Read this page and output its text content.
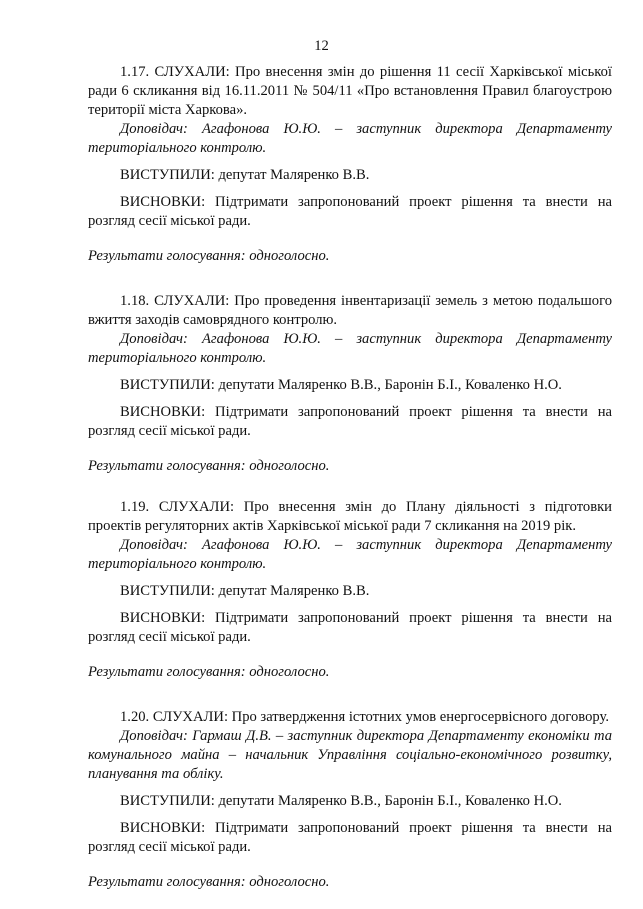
12

1.17. СЛУХАЛИ: Про внесення змін до рішення 11 сесії Харківської міської ради 6 скликання від 16.11.2011 № 504/11 «Про встановлення Правил благоустрою території міста Харкова».

Доповідач: Агафонова Ю.Ю. – заступник директора Департаменту територіального контролю.

ВИСТУПИЛИ: депутат Маляренко В.В.

ВИСНОВКИ: Підтримати запропонований проект рішення та внести на розгляд сесії міської ради.

Результати голосування: одноголосно.

1.18. СЛУХАЛИ: Про проведення інвентаризації земель з метою подальшого вжиття заходів самоврядного контролю.

Доповідач: Агафонова Ю.Ю. – заступник директора Департаменту територіального контролю.

ВИСТУПИЛИ: депутати Маляренко В.В., Баронін Б.І., Коваленко Н.О.

ВИСНОВКИ: Підтримати запропонований проект рішення та внести на розгляд сесії міської ради.

Результати голосування: одноголосно.

1.19. СЛУХАЛИ: Про внесення змін до Плану діяльності з підготовки проектів регуляторних актів Харківської міської ради 7 скликання на 2019 рік.

Доповідач: Агафонова Ю.Ю. – заступник директора Департаменту територіального контролю.

ВИСТУПИЛИ: депутат Маляренко В.В.

ВИСНОВКИ: Підтримати запропонований проект рішення та внести на розгляд сесії міської ради.

Результати голосування: одноголосно.

1.20. СЛУХАЛИ: Про затвердження істотних умов енергосервісного договору.

Доповідач: Гармаш Д.В. – заступник директора Департаменту економіки та комунального майна – начальник Управління соціально-економічного розвитку, планування та обліку.

ВИСТУПИЛИ: депутати Маляренко В.В., Баронін Б.І., Коваленко Н.О.

ВИСНОВКИ: Підтримати запропонований проект рішення та внести на розгляд сесії міської ради.

Результати голосування: одноголосно.
